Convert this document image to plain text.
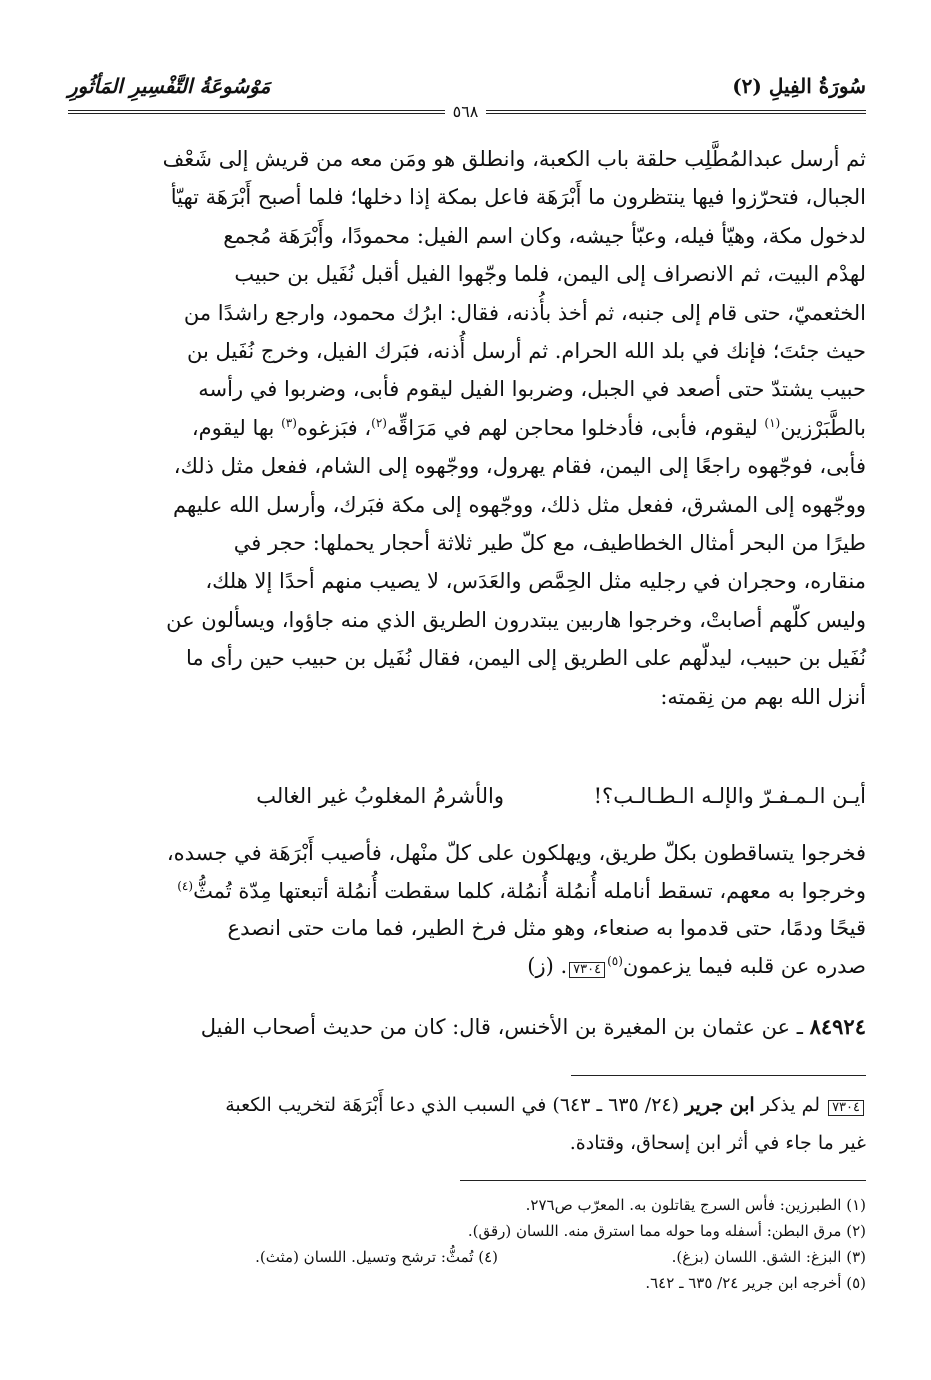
سُورَةُ الفِيلِ (٢)
مَوْسُوعَةُ التَّفْسِيرِ المَأثُورِ
٥٦٨

ثم أرسل عبدالمُطَّلِب حلقة باب الكعبة، وانطلق هو ومَن معه من قريش إلى شَعْف

الجبال، فتحرّزوا فيها ينتظرون ما أَبْرَهَة فاعل بمكة إذا دخلها؛ فلما أصبح أَبْرَهَة تهيّأ

لدخول مكة، وهيّأ فيله، وعبّأ جيشه، وكان اسم الفيل: محمودًا، وأَبْرَهَة مُجمع

لهدْم البيت، ثم الانصراف إلى اليمن، فلما وجّهوا الفيل أقبل نُفَيل بن حبيب

الخثعميّ، حتى قام إلى جنبه، ثم أخذ بأُذنه، فقال: ابرُك محمود، وارجع راشدًا من

حيث جئتَ؛ فإنك في بلد الله الحرام. ثم أرسل أُذنه، فبَرك الفيل، وخرج نُفَيل بن

حبيب يشتدّ حتى أصعد في الجبل، وضربوا الفيل ليقوم فأبى، وضربوا في رأسه

بالطَّبَرْزين$^{(١)}$ ليقوم، فأبى، فأدخلوا محاجن لهم في مَرَاقِّه$^{(٢)}$، فبَزغوه$^{(٣)}$ بها ليقوم،

فأبى، فوجّهوه راجعًا إلى اليمن، فقام يهرول، ووجّهوه إلى الشام، ففعل مثل ذلك،

ووجّهوه إلى المشرق، ففعل مثل ذلك، ووجّهوه إلى مكة فبَرك، وأرسل الله عليهم

طيرًا من البحر أمثال الخطاطيف، مع كلّ طير ثلاثة أحجار يحملها: حجر في

منقاره، وحجران في رجليه مثل الحِمَّص والعَدَس، لا يصيب منهم أحدًا إلا هلك،

وليس كلّهم أصابتْ، وخرجوا هاربين يبتدرون الطريق الذي منه جاؤوا، ويسألون عن

نُفَيل بن حبيب، ليدلّهم على الطريق إلى اليمن، فقال نُفَيل بن حبيب حين رأى ما

أنزل الله بهم من نِقمته:

أيـن الـمـفـرّ والإلـه الـطـالـب؟!
والأشرمُ المغلوبُ غير الغالب

فخرجوا يتساقطون بكلّ طريق، ويهلكون على كلّ منْهل، فأصيب أَبْرَهَة في جسده،

وخرجوا به معهم، تسقط أنامله أُنمُلة أُنمُلة، كلما سقطت أُنمُلة أتبعتها مِدّة تُمثُّ$^{(٤)}$

قيحًا ودمًا، حتى قدموا به صنعاء، وهو مثل فرخ الطير، فما مات حتى انصدع

صدره عن قلبه فيما يزعمون$^{(٥)}$٧٣٠٤. (ز)

٨٤٩٢٤ ـ عن عثمان بن المغيرة بن الأخنس، قال: كان من حديث أصحاب الفيل
٧٣٠٤ لم يذكر ابن جرير (٢٤/ ٦٣٥ ـ ٦٤٣) في السبب الذي دعا أَبْرَهَة لتخريب الكعبة
غير ما جاء في أثر ابن إسحاق، وقتادة.
(١) الطبرزين: فأس السرج يقاتلون به. المعرّب ص٢٧٦.
(٢) مرق البطن: أسفله وما حوله مما استرق منه. اللسان (رقق).
(٣) البزغ: الشق. اللسان (بزغ).
(٤) تُمثُّ: ترشح وتسيل. اللسان (مثث).
(٥) أخرجه ابن جرير ٢٤/ ٦٣٥ ـ ٦٤٢.
